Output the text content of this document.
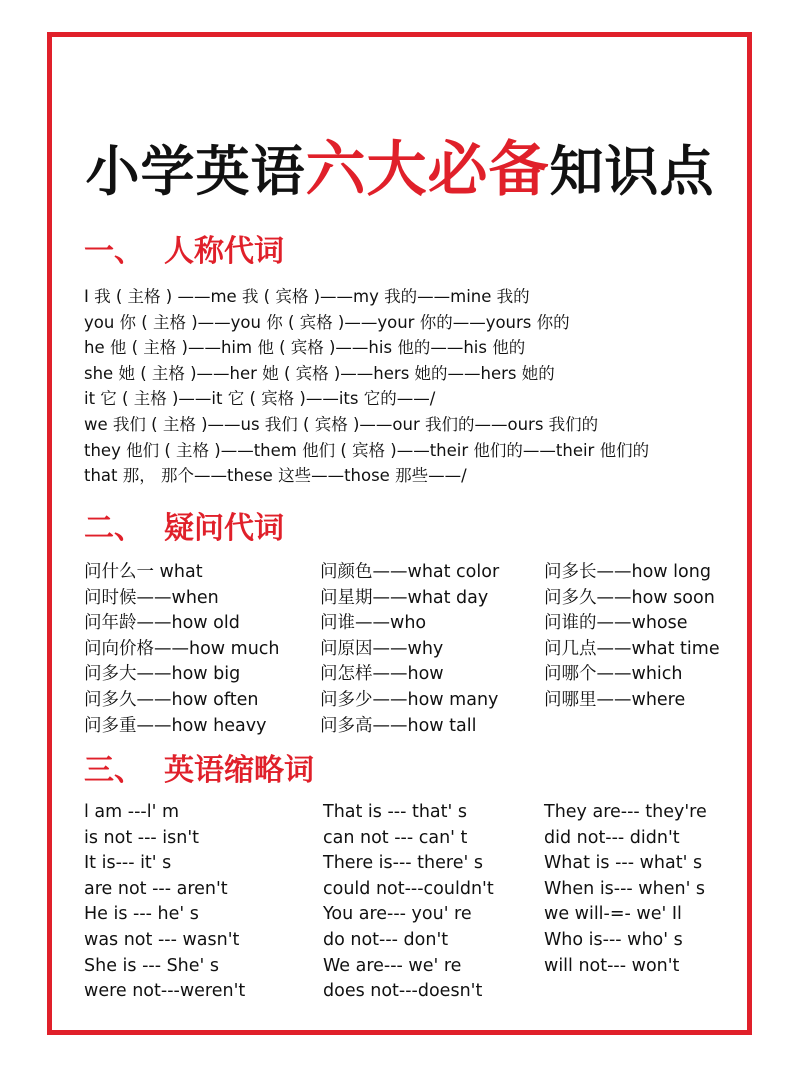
小学英语六大必备知识点
一、 人称代词
I 我 ( 主格 ) ——me 我 ( 宾格 )——my 我的——mine 我的
you 你 ( 主格 )——you 你 ( 宾格 )——your 你的——yours 你的
he 他 ( 主格 )——him 他 ( 宾格 )——his 他的——his 他的
she 她 ( 主格 )——her 她 ( 宾格 )——hers 她的——hers 她的
it 它 ( 主格 )——it 它 ( 宾格 )——its 它的——/
we 我们 ( 主格 )——us 我们 ( 宾格 )——our 我们的——ours 我们的
they 他们 ( 主格 )——them 他们 ( 宾格 )——their 他们的——their 他们的
that 那， 那个——these 这些——those 那些——/
二、 疑问代词
问什么一 what
问时候——when
问年龄——how old
问向价格——how much
问多大——how big
问多久——how often
问多重——how heavy
问颜色——what color
问星期——what day
问谁——who
问原因——why
问怎样——how
问多少——how many
问多高——how tall
问多长——how long
问多久——how soon
问谁的——whose
问几点——what time
问哪个——which
问哪里——where
三、 英语缩略词
l am ---l' m
is not --- isn't
It is--- it' s
are not --- aren't
He is --- he' s
was not --- wasn't
She is --- She' s
were not---weren't
That is --- that' s
can not --- can' t
There is--- there' s
could not---couldn't
You are--- you' re
do not--- don't
We are--- we' re
does not---doesn't
They are--- they're
did not--- didn't
What is --- what' s
When is--- when' s
we will-=- we' Il
Who is--- who' s
will not--- won't
